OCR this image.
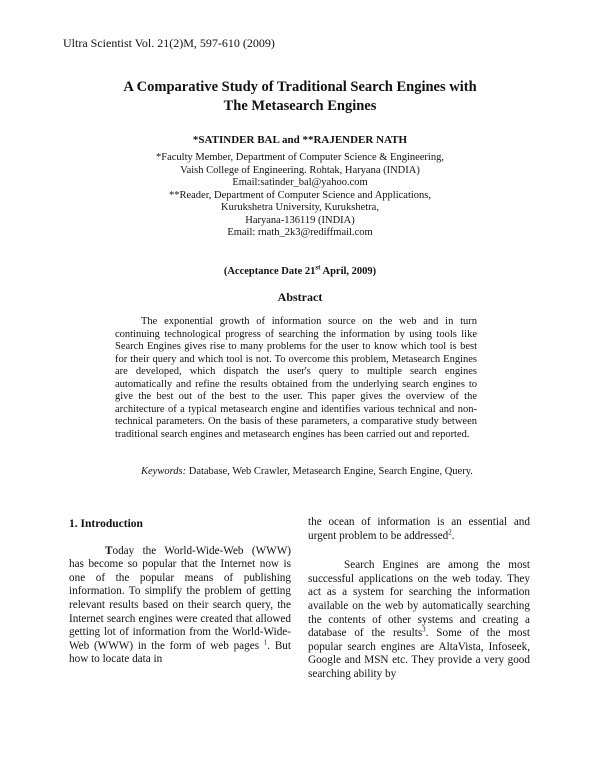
Ultra Scientist Vol. 21(2)M, 597-610 (2009)
A Comparative Study of Traditional Search Engines with
The Metasearch Engines
*SATINDER BAL and **RAJENDER NATH
*Faculty Member, Department of Computer Science & Engineering,
Vaish College of Engineering. Rohtak, Haryana (INDIA)
Email:satinder_bal@yahoo.com
**Reader, Department of Computer Science and Applications,
Kurukshetra University, Kurukshetra,
Haryana-136119 (INDIA)
Email: rnath_2k3@rediffmail.com
(Acceptance Date 21st April, 2009)
Abstract
The exponential growth of information source on the web and in turn continuing technological progress of searching the information by using tools like Search Engines gives rise to many problems for the user to know which tool is best for their query and which tool is not. To overcome this problem, Metasearch Engines are developed, which dispatch the user's query to multiple search engines automatically and refine the results obtained from the underlying search engines to give the best out of the best to the user. This paper gives the overview of the architecture of a typical metasearch engine and identifies various technical and non-technical parameters. On the basis of these parameters, a comparative study between traditional search engines and metasearch engines has been carried out and reported.
Keywords: Database, Web Crawler, Metasearch Engine, Search Engine, Query.
1. Introduction

Today the World-Wide-Web (WWW) has become so popular that the Internet now is one of the popular means of publishing information. To simplify the problem of getting relevant results based on their search query, the Internet search engines were created that allowed getting lot of information from the World-Wide-Web (WWW) in the form of web pages $^1$. But how to locate data in

the ocean of information is an essential and urgent problem to be addressed$^2$.

Search Engines are among the most successful applications on the web today. They act as a system for searching the information available on the web by automatically searching the contents of other systems and creating a database of the results$^3$. Some of the most popular search engines are AltaVista, Infoseek, Google and MSN etc. They provide a very good searching ability by
